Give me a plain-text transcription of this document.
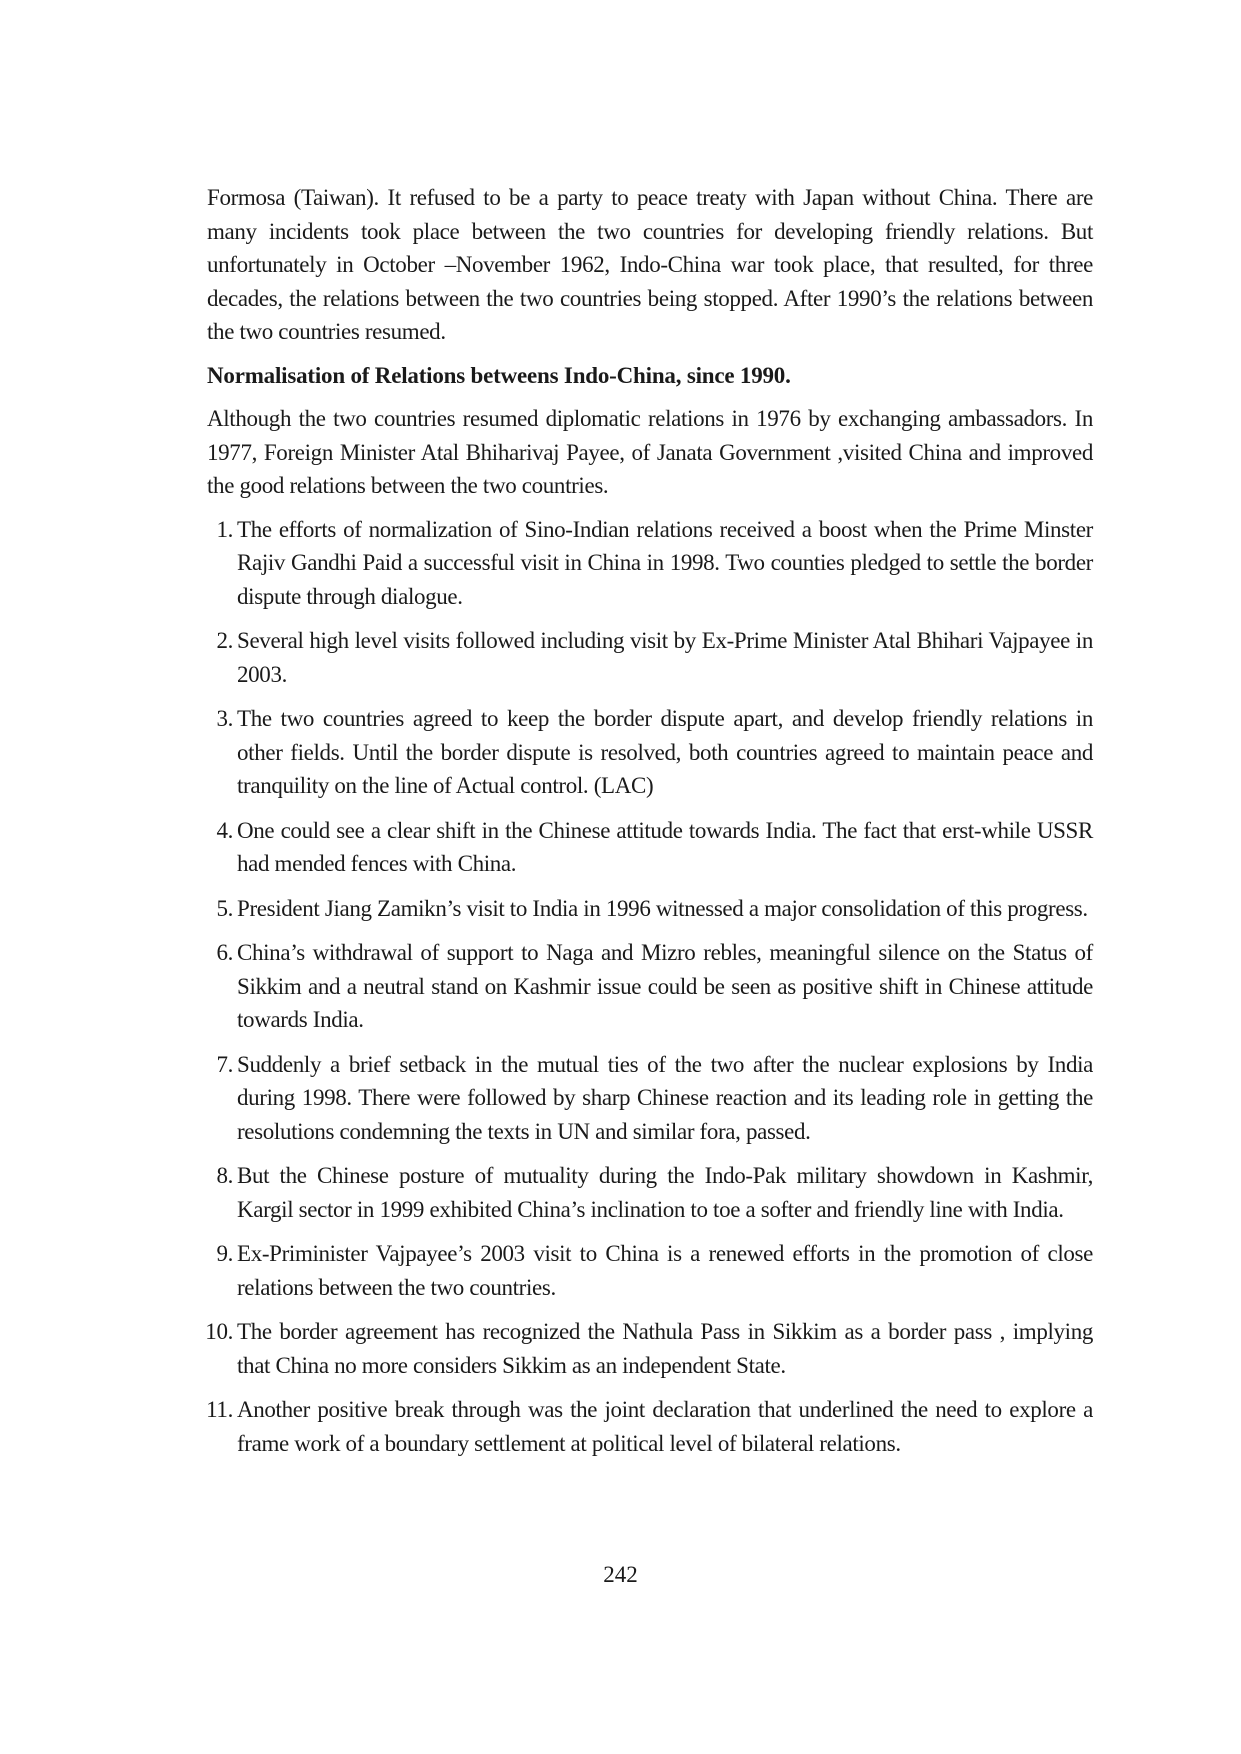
Formosa (Taiwan). It refused to be a party to peace treaty with Japan without China. There are many incidents took place between the two countries for developing friendly relations. But unfortunately in October –November 1962, Indo-China war took place, that resulted, for three decades, the relations between the two countries being stopped. After 1990’s the relations between the two countries resumed.

Normalisation of Relations betweens Indo-China, since 1990.

Although the two countries resumed diplomatic relations in 1976 by exchanging ambassadors. In 1977, Foreign Minister Atal Bhiharivaj Payee, of Janata Government ,visited China and improved the good relations between the two countries.

1. The efforts of normalization of Sino-Indian relations received a boost when the Prime Minster Rajiv Gandhi Paid a successful visit in China in 1998. Two counties pledged to settle the border dispute through dialogue.
2. Several high level visits followed including visit by Ex-Prime Minister Atal Bhihari Vajpayee in 2003.
3. The two countries agreed to keep the border dispute apart, and develop friendly relations in other fields. Until the border dispute is resolved, both countries agreed to maintain peace and tranquility on the line of Actual control. (LAC)
4. One could see a clear shift in the Chinese attitude towards India. The fact that erst-while USSR had mended fences with China.
5. President Jiang Zamikn’s visit to India in 1996 witnessed a major consolidation of this progress.
6. China’s withdrawal of support to Naga and Mizro rebles, meaningful silence on the Status of Sikkim and a neutral stand on Kashmir issue could be seen as positive shift in Chinese attitude towards India.
7. Suddenly a brief setback in the mutual ties of the two after the nuclear explosions by India during 1998. There were followed by sharp Chinese reaction and its leading role in getting the resolutions condemning the texts in UN and similar fora, passed.
8. But the Chinese posture of mutuality during the Indo-Pak military showdown in Kashmir, Kargil sector in 1999 exhibited China’s inclination to toe a softer and friendly line with India.
9. Ex-Priminister Vajpayee’s 2003 visit to China is a renewed efforts in the promotion of close relations between the two countries.
10. The border agreement has recognized the Nathula Pass in Sikkim as a border pass , implying that China no more considers Sikkim as an independent State.
11. Another positive break through was the joint declaration that underlined the need to explore a frame work of a boundary settlement at political level of bilateral relations.
242
